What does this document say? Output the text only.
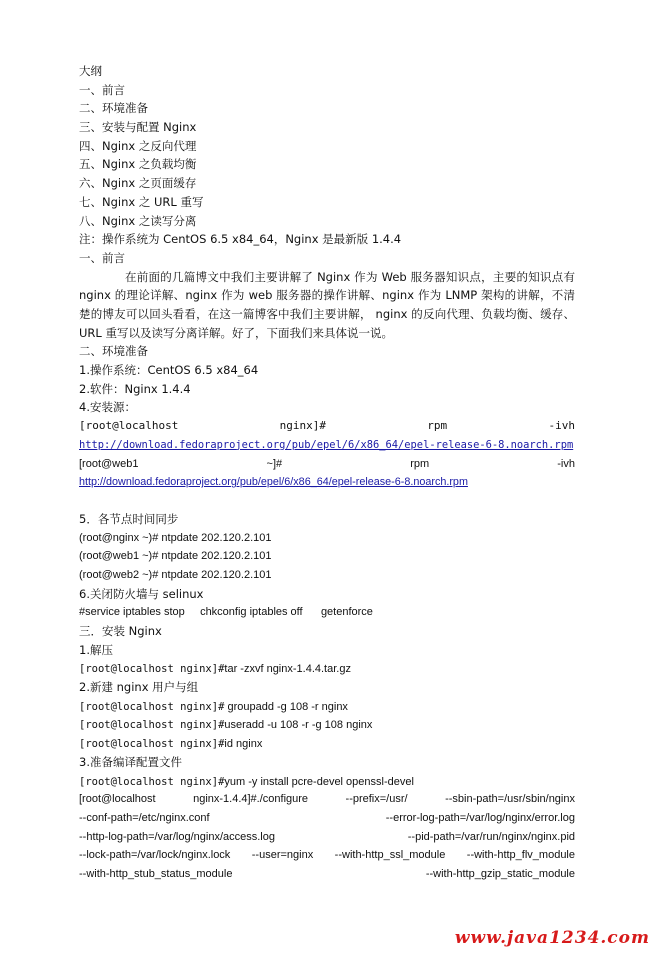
大纲
一、前言
二、环境准备
三、安装与配置 Nginx
四、Nginx 之反向代理
五、Nginx 之负载均衡
六、Nginx 之页面缓存
七、Nginx 之 URL 重写
八、Nginx 之读写分离
注：操作系统为 CentOS 6.5 x84_64，Nginx 是最新版 1.4.4
一、前言
在前面的几篇博文中我们主要讲解了 Nginx 作为 Web 服务器知识点，主要的知识点有 nginx 的理论详解、nginx 作为 web 服务器的操作讲解、nginx 作为 LNMP 架构的讲解，不清楚的博友可以回头看看，在这一篇博客中我们主要讲解， nginx 的反向代理、负载均衡、缓存、URL 重写以及读写分离详解。好了，下面我们来具体说一说。
二、环境准备
1.操作系统：CentOS 6.5 x84_64
2.软件：Nginx 1.4.4
4.安装源：
[root@localhost	nginx]#	rpm	-ivh
http://download.fedoraproject.org/pub/epel/6/x86_64/epel-release-6-8.noarch.rpm
[root@web1	~]#	rpm	-ivh
http://download.fedoraproject.org/pub/epel/6/x86_64/epel-release-6-8.noarch.rpm
5．各节点时间同步
(root@nginx ~)# ntpdate 202.120.2.101
(root@web1 ~)# ntpdate 202.120.2.101
(root@web2 ~)# ntpdate 202.120.2.101
6.关闭防火墙与 selinux
#service iptables stop chkconfig iptables off getenforce
三．安装 Nginx
1.解压
[root@localhost nginx]#tar -zxvf nginx-1.4.4.tar.gz
2.新建 nginx 用户与组
[root@localhost nginx]# groupadd -g 108 -r nginx
[root@localhost nginx]#useradd -u 108 -r -g 108 nginx
[root@localhost nginx]#id nginx
3.准备编译配置文件
[root@localhost nginx]#yum -y install pcre-devel openssl-devel
[root@localhost	nginx-1.4.4]#./configure	--prefix=/usr/	--sbin-path=/usr/sbin/nginx
--conf-path=/etc/nginx.conf	--error-log-path=/var/log/nginx/error.log
--http-log-path=/var/log/nginx/access.log	--pid-path=/var/run/nginx/nginx.pid
--lock-path=/var/lock/nginx.lock --user=nginx --with-http_ssl_module --with-http_flv_module
--with-http_stub_status_module	--with-http_gzip_static_module
www.java1234.com
